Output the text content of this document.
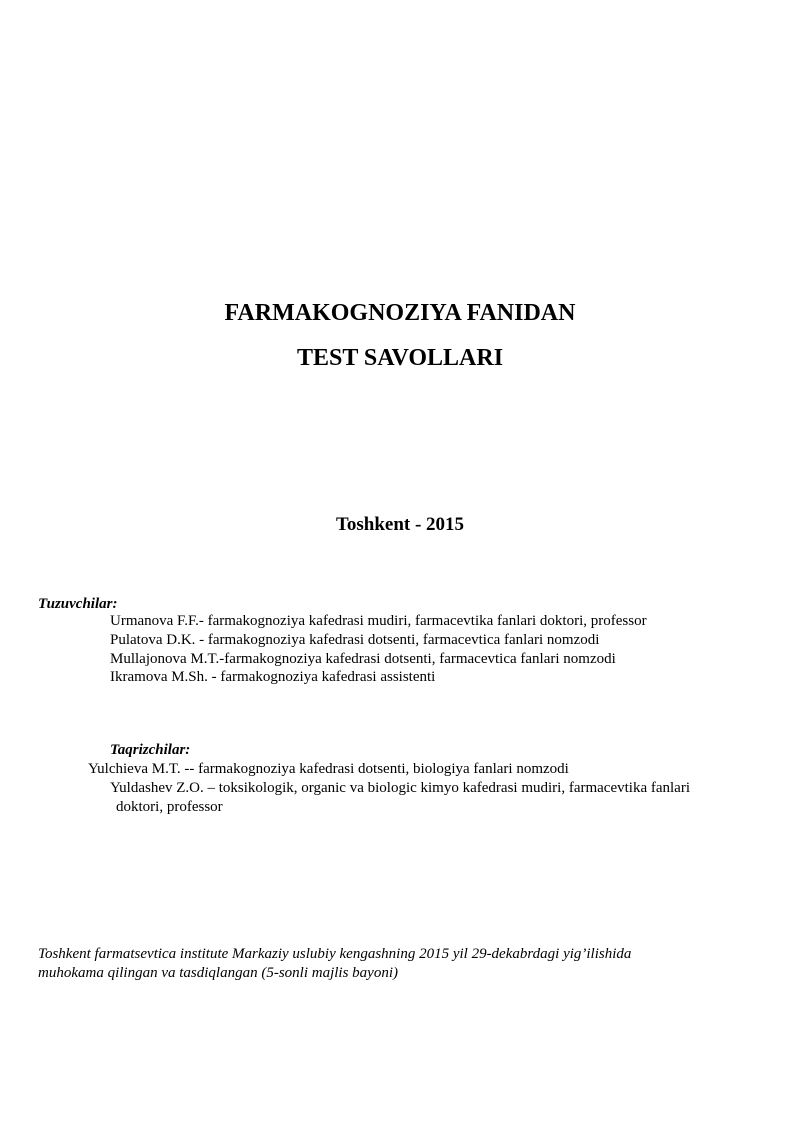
FARMAKOGNOZIYA FANIDAN
TEST SAVOLLARI
Toshkent - 2015
Tuzuvchilar:
Urmanova F.F.- farmakognoziya kafedrasi mudiri, farmacevtika fanlari doktori, professor
Pulatova D.K. - farmakognoziya kafedrasi dotsenti, farmacevtica fanlari nomzodi
Mullajonova M.T.-farmakognoziya kafedrasi dotsenti, farmacevtica fanlari nomzodi
Ikramova M.Sh. - farmakognoziya kafedrasi assistenti
Taqrizchilar:
Yulchieva M.T. -- farmakognoziya kafedrasi dotsenti, biologiya fanlari nomzodi
Yuldashev Z.O. – toksikologik, organic va biologic kimyo kafedrasi mudiri, farmacevtika fanlari
doktori, professor
Toshkent farmatsevtica institute Markaziy uslubiy kengashning 2015 yil 29-dekabrdagi yig’ilishida
muhokama qilingan va tasdiqlangan (5-sonli majlis bayoni)
